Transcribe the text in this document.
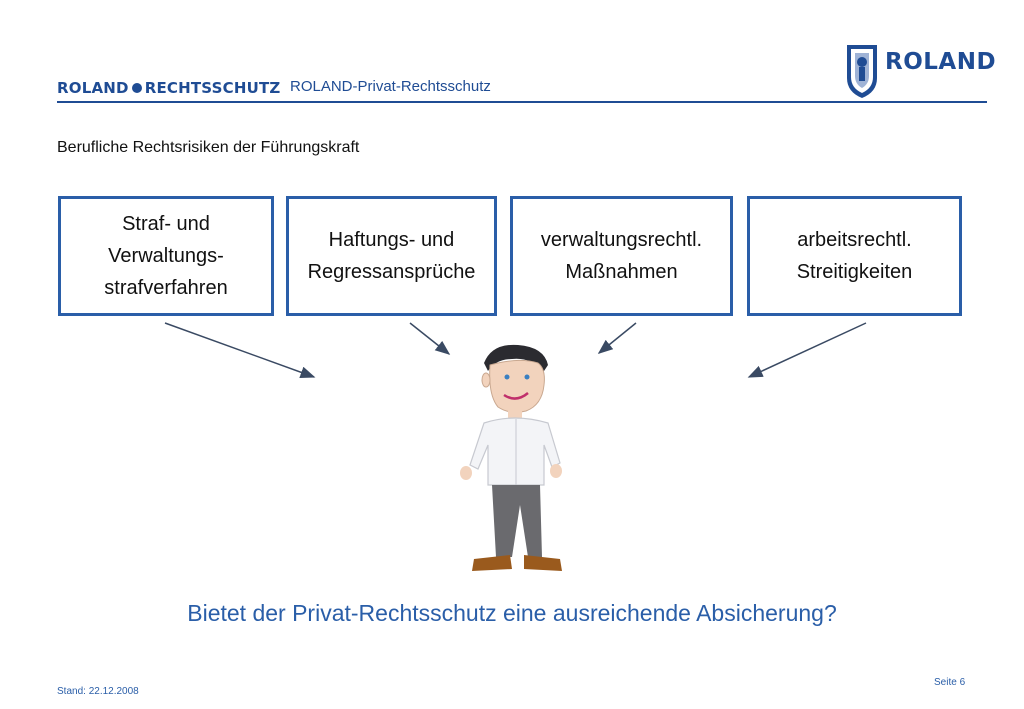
ROLAND RECHTSSCHUTZ ROLAND-Privat-Rechtsschutz
ROLAND
Berufliche Rechtsrisiken der Führungskraft
Straf- und
Verwaltungs-
strafverfahren
Haftungs- und
Regressansprüche
verwaltungsrechtl.
Maßnahmen
arbeitsrechtl.
Streitigkeiten
Bietet der Privat-Rechtsschutz eine ausreichende Absicherung?
Stand: 22.12.2008
Seite 6
